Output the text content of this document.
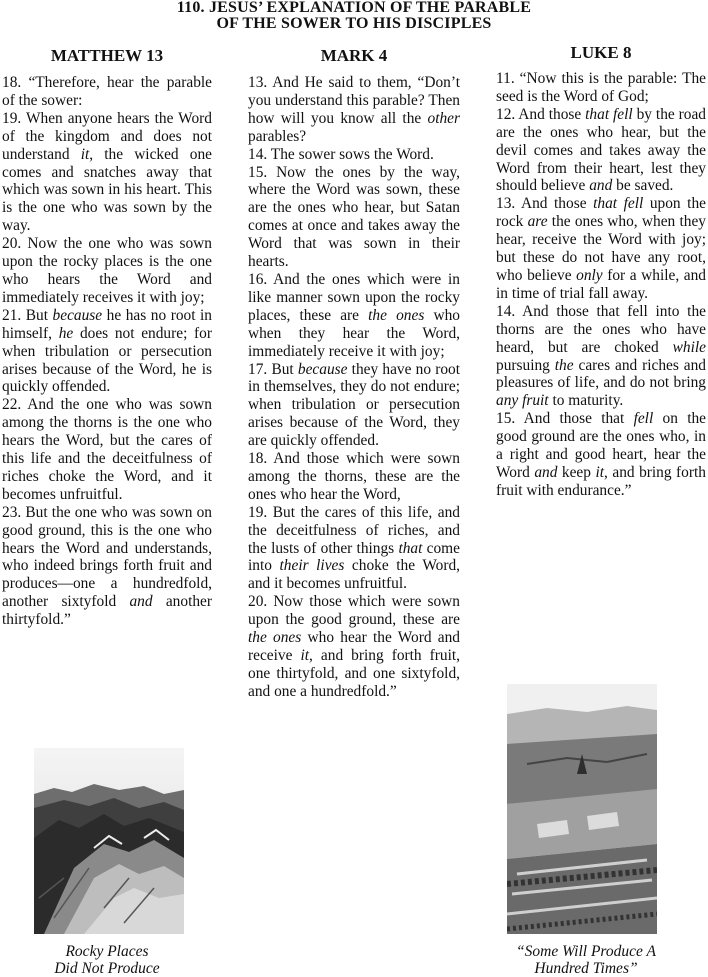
110. JESUS’ EXPLANATION OF THE PARABLE
OF THE SOWER TO HIS DISCIPLES
MATTHEW 13	MARK 4	LUKE 8

18. “Therefore, hear the parable of the sower:

19. When anyone hears the Word of the kingdom and does not understand it, the wicked one comes and snatches away that which was sown in his heart. This is the one who was sown by the way.

20. Now the one who was sown upon the rocky places is the one who hears the Word and immediately receives it with joy;

21. But because he has no root in himself, he does not endure; for when tribulation or persecution arises because of the Word, he is quickly offended.

22. And the one who was sown among the thorns is the one who hears the Word, but the cares of this life and the deceitfulness of riches choke the Word, and it becomes unfruitful.

23. But the one who was sown on good ground, this is the one who hears the Word and understands, who indeed brings forth fruit and produces—one a hundredfold, another sixtyfold and another thirtyfold.”

13. And He said to them, “Don’t you understand this parable? Then how will you know all the other parables?

14. The sower sows the Word.

15. Now the ones by the way, where the Word was sown, these are the ones who hear, but Satan comes at once and takes away the Word that was sown in their hearts.

16. And the ones which were in like manner sown upon the rocky places, these are the ones who when they hear the Word, immediately receive it with joy;

17. But because they have no root in themselves, they do not endure; when tribulation or persecution arises because of the Word, they are quickly offended.

18. And those which were sown among the thorns, these are the ones who hear the Word,

19. But the cares of this life, and the deceitfulness of riches, and the lusts of other things that come into their lives choke the Word, and it becomes unfruitful.

20. Now those which were sown upon the good ground, these are the ones who hear the Word and receive it, and bring forth fruit, one thirtyfold, and one sixtyfold, and one a hundredfold.”

11. “Now this is the parable: The seed is the Word of God;

12. And those that fell by the road are the ones who hear, but the devil comes and takes away the Word from their heart, lest they should believe and be saved.

13. And those that fell upon the rock are the ones who, when they hear, receive the Word with joy; but these do not have any root, who believe only for a while, and in time of trial fall away.

14. And those that fell into the thorns are the ones who have heard, but are choked while pursuing the cares and riches and pleasures of life, and do not bring any fruit to maturity.

15. And those that fell on the good ground are the ones who, in a right and good heart, hear the Word and keep it, and bring forth fruit with endurance.”

Rocky Places
Did Not Produce
“Some Will Produce A
Hundred Times”
